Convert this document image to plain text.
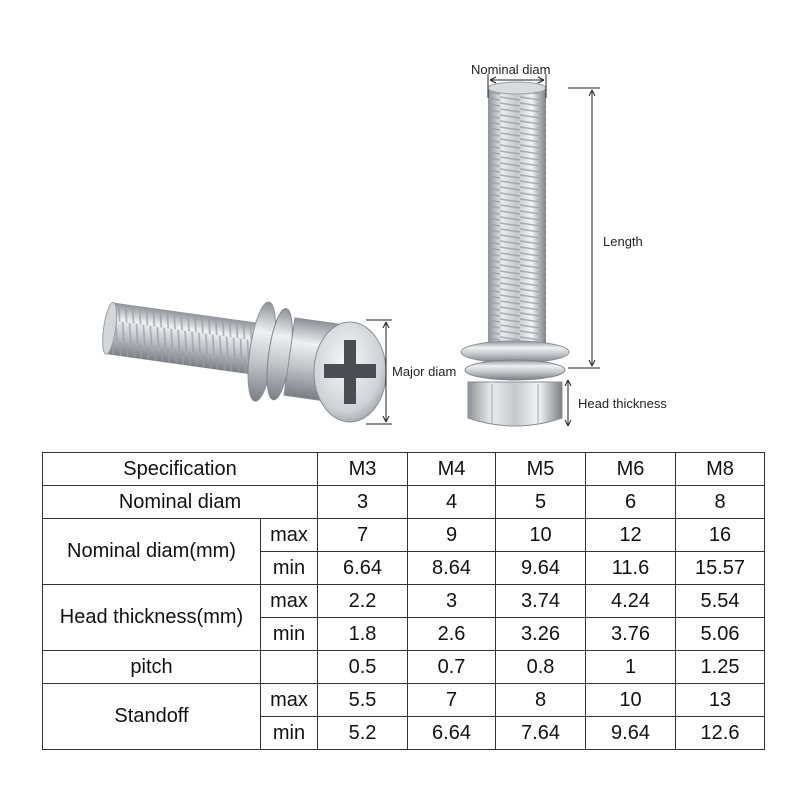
Nominal diam
Length
Major diam
Head thickness
Specification		M3	M4	M5	M6	M8
Nominal diam		3	4	5	6	8
Nominal diam(mm)	max	7	9	10	12	16
	min	6.64	8.64	9.64	11.6	15.57
Head thickness(mm)	max	2.2	3	3.74	4.24	5.54
	min	1.8	2.6	3.26	3.76	5.06
pitch		0.5	0.7	0.8	1	1.25
Standoff	max	5.5	7	8	10	13
	min	5.2	6.64	7.64	9.64	12.6
